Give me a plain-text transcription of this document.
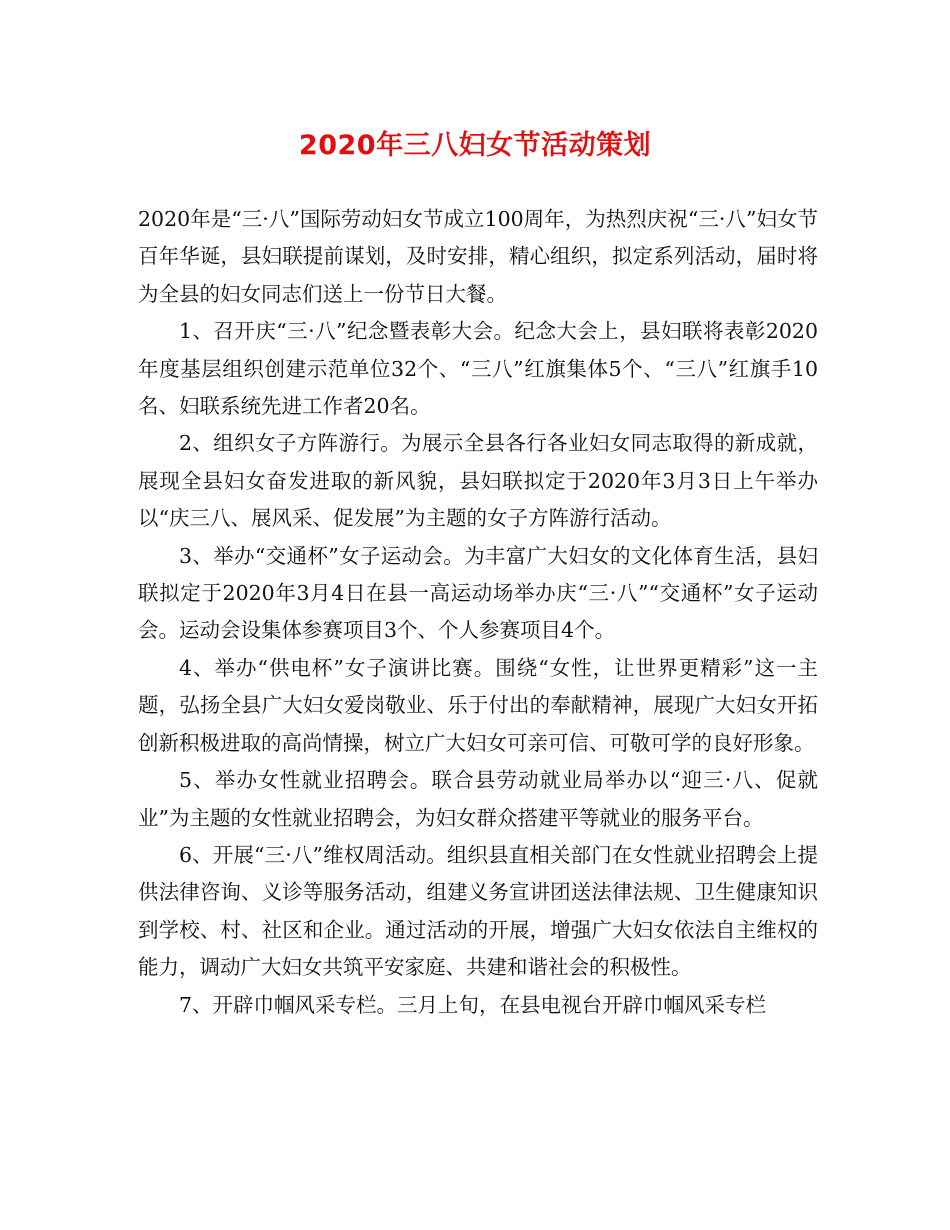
2020年三八妇女节活动策划

2020年是“三·八”国际劳动妇女节成立100周年，为热烈庆祝“三·八”妇女节百年华诞，县妇联提前谋划，及时安排，精心组织，拟定系列活动，届时将为全县的妇女同志们送上一份节日大餐。

1、召开庆“三·八”纪念暨表彰大会。纪念大会上，县妇联将表彰2020年度基层组织创建示范单位32个、“三八”红旗集体5个、“三八”红旗手10名、妇联系统先进工作者20名。

2、组织女子方阵游行。为展示全县各行各业妇女同志取得的新成就，展现全县妇女奋发进取的新风貌，县妇联拟定于2020年3月3日上午举办以“庆三八、展风采、促发展”为主题的女子方阵游行活动。

3、举办“交通杯”女子运动会。为丰富广大妇女的文化体育生活，县妇联拟定于2020年3月4日在县一高运动场举办庆“三·八”“交通杯”女子运动会。运动会设集体参赛项目3个、个人参赛项目4个。

4、举办“供电杯”女子演讲比赛。围绕“女性，让世界更精彩”这一主题，弘扬全县广大妇女爱岗敬业、乐于付出的奉献精神，展现广大妇女开拓创新积极进取的高尚情操，树立广大妇女可亲可信、可敬可学的良好形象。

5、举办女性就业招聘会。联合县劳动就业局举办以“迎三·八、促就业”为主题的女性就业招聘会，为妇女群众搭建平等就业的服务平台。

6、开展“三·八”维权周活动。组织县直相关部门在女性就业招聘会上提供法律咨询、义诊等服务活动，组建义务宣讲团送法律法规、卫生健康知识到学校、村、社区和企业。通过活动的开展，增强广大妇女依法自主维权的能力，调动广大妇女共筑平安家庭、共建和谐社会的积极性。

7、开辟巾帼风采专栏。三月上旬，在县电视台开辟巾帼风采专栏
